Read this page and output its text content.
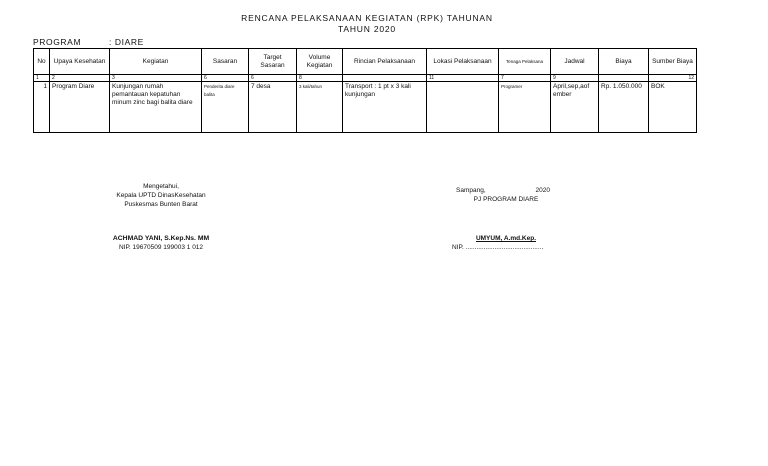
RENCANA PELAKSANAAN KEGIATAN (RPK) TAHUNAN
TAHUN 2020
PROGRAM	: DIARE
No	Upaya Kesehatan	Kegiatan	Sasaran	Target Sasaran	Volume Kegiatan	Rincian Pelaksanaan	Lokasi Pelaksanaan	Tenaga Pelaksana	Jadwal	Biaya	Sumber Biaya
1	2	3	6	6	8		11	7	9		12
1	Program Diare	Kunjungan rumah pemantauan kepatuhan minum zinc bagi balita diare	Penderita diare balita	7 desa	3 kali/tahun	Transport : 1 pt x 3 kali kunjungan		Programer	April,sep,aof ember	Rp. 1.050.000	BOK
Mengetahui,
Kepala UPTD DinasKesehatan
Puskesmas Bunten Barat
ACHMAD YANI, S.Kep.Ns. MM
NIP. 19670509 199003 1 012
Sampang,	2020
PJ PROGRAM DIARE
UMYUM, A.md.Kep.
NIP. ...........................................
